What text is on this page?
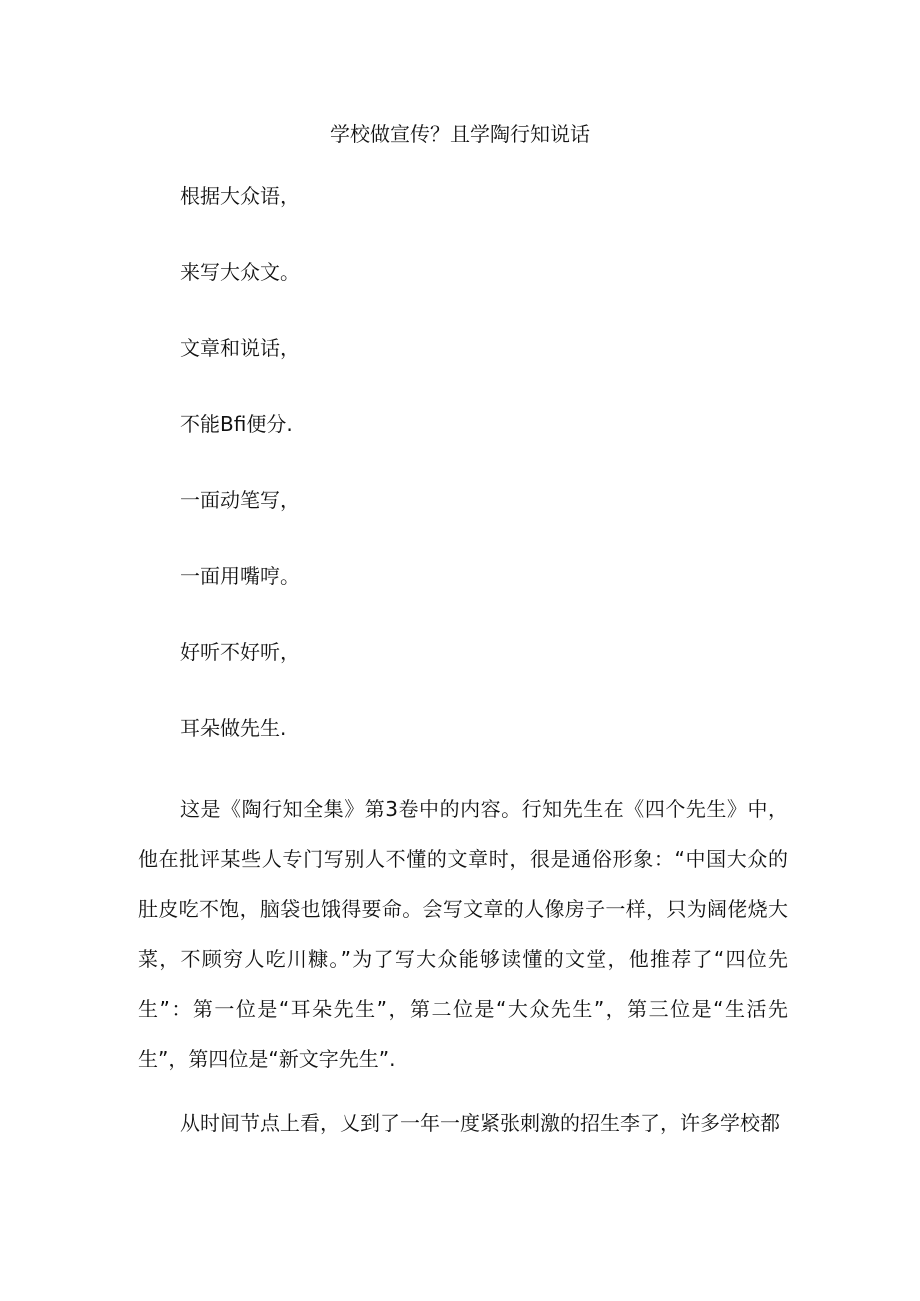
学校做宣传？且学陶行知说话
根据大众语，
来写大众文。
文章和说话，
不能Bfi便分.
一面动笔写，
一面用嘴哼。
好听不好听，
耳朵做先生.

这是《陶行知全集》第3卷中的内容。行知先生在《四个先生》中，他在批评某些人专门写别人不懂的文章时，很是通俗形象：“中国大众的肚皮吃不饱，脑袋也饿得要命。会写文章的人像房子一样，只为阔佬烧大菜，不顾穷人吃川糠。”为了写大众能够读懂的文堂，他推荐了“四位先生”：第一位是“耳朵先生”，第二位是“大众先生”，第三位是“生活先生”，第四位是“新文字先生”.

从时间节点上看，乂到了一年一度紧张刺激的招生李了，许多学校都
